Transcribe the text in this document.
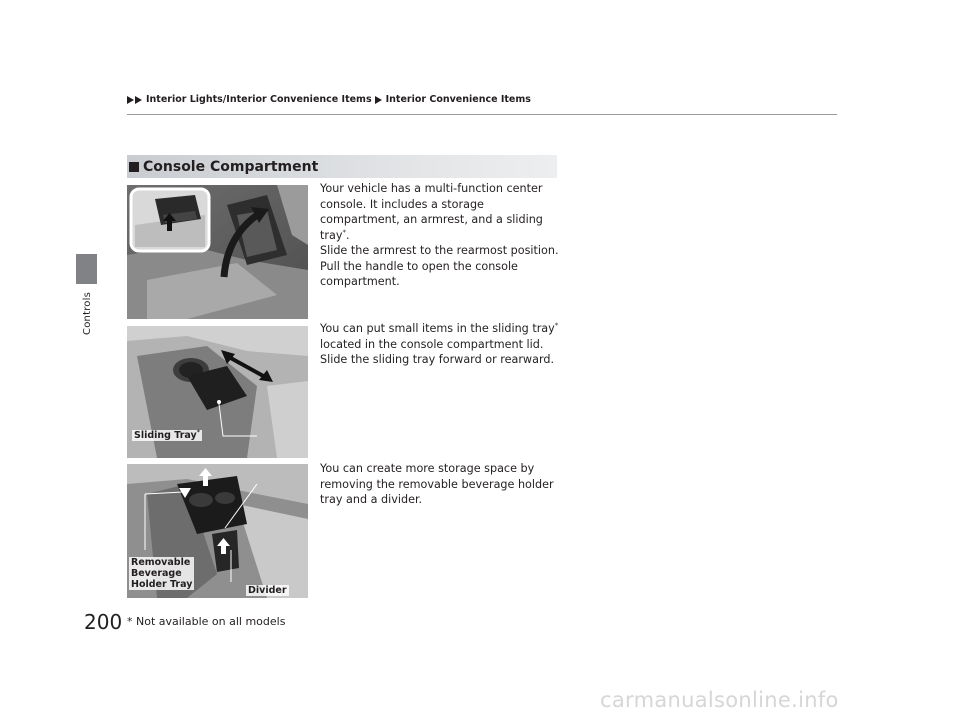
Interior Lights/Interior Convenience Items Interior Convenience Items
Controls
200
Console Compartment
Sliding Tray*
Removable
Beverage
Holder Tray
Divider
Your vehicle has a multi-function center console. It includes a storage compartment, an armrest, and a sliding tray*.
Slide the armrest to the rearmost position. Pull the handle to open the console compartment.
You can put small items in the sliding tray* located in the console compartment lid. Slide the sliding tray forward or rearward.
You can create more storage space by removing the removable beverage holder tray and a divider.
* Not available on all models
carmanualsonline.info
